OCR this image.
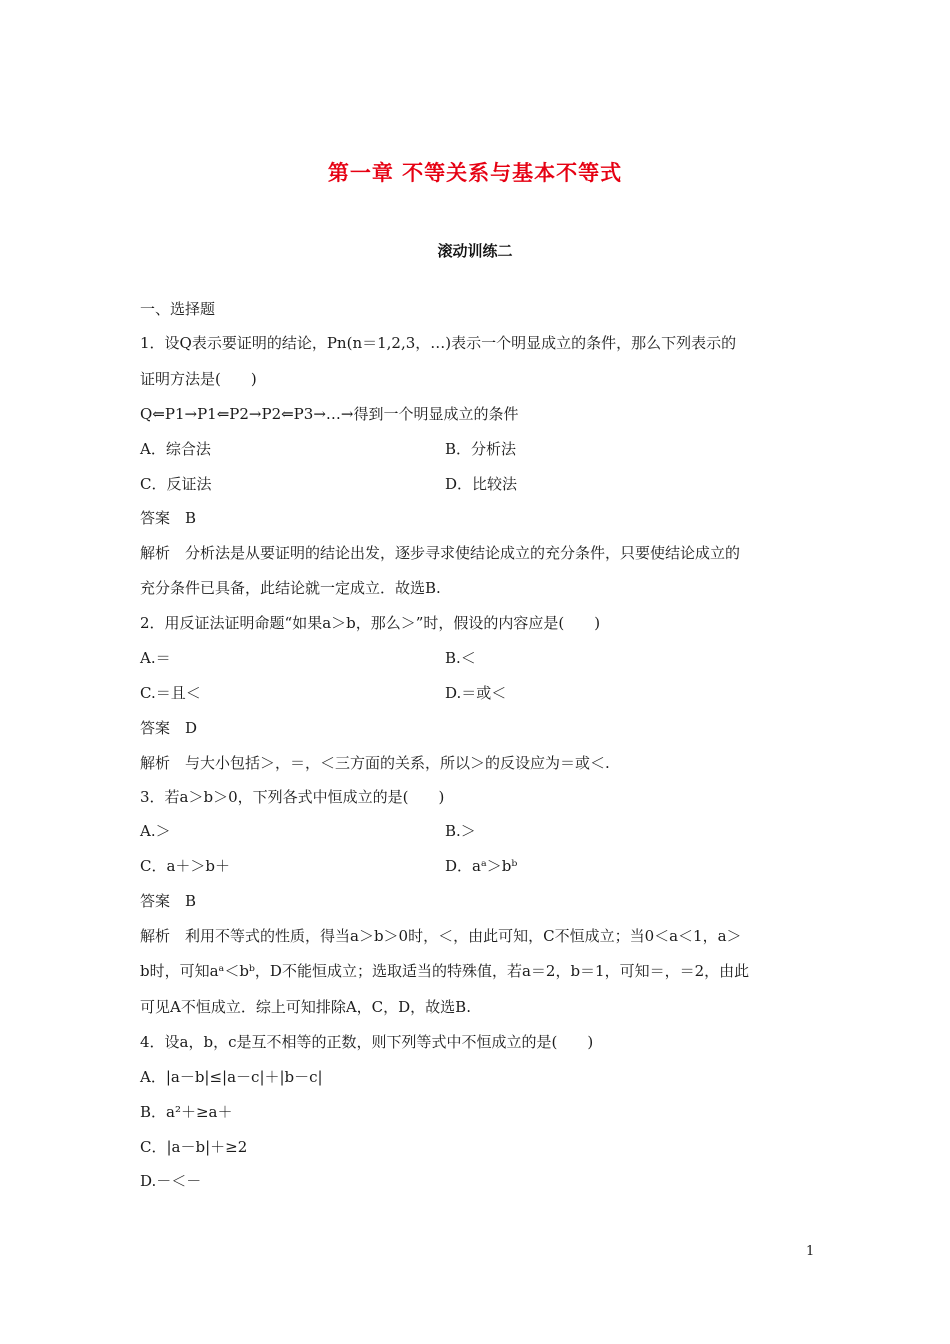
第一章 不等关系与基本不等式
滚动训练二
一、选择题
1．设Q表示要证明的结论，Pn(n＝1,2,3，…)表示一个明显成立的条件，那么下列表示的
证明方法是(　　)
Q⇐P1→P1⇐P2→P2⇐P3→…→得到一个明显成立的条件
A．综合法	B．分析法
C．反证法	D．比较法
答案　B
解析　分析法是从要证明的结论出发，逐步寻求使结论成立的充分条件，只要使结论成立的
充分条件已具备，此结论就一定成立．故选B.
2．用反证法证明命题“如果a＞b，那么＞”时，假设的内容应是(　　)
A.＝	B.＜
C.＝且＜	D.＝或＜
答案　D
解析　与大小包括＞，＝，＜三方面的关系，所以＞的反设应为＝或＜.
3．若a＞b＞0，下列各式中恒成立的是(　　)
A.＞	B.＞
C．a＋＞b＋	D．aᵃ＞bᵇ
答案　B
解析　利用不等式的性质，得当a＞b＞0时，＜，由此可知，C不恒成立；当0＜a＜1，a＞
b时，可知aᵃ＜bᵇ，D不能恒成立；选取适当的特殊值，若a＝2，b＝1，可知＝，＝2，由此
可见A不恒成立．综上可知排除A，C，D，故选B.
4．设a，b，c是互不相等的正数，则下列等式中不恒成立的是(　　)
A．|a－b|≤|a－c|＋|b－c|
B．a²＋≥a＋
C．|a－b|＋≥2
D.－＜－
1
